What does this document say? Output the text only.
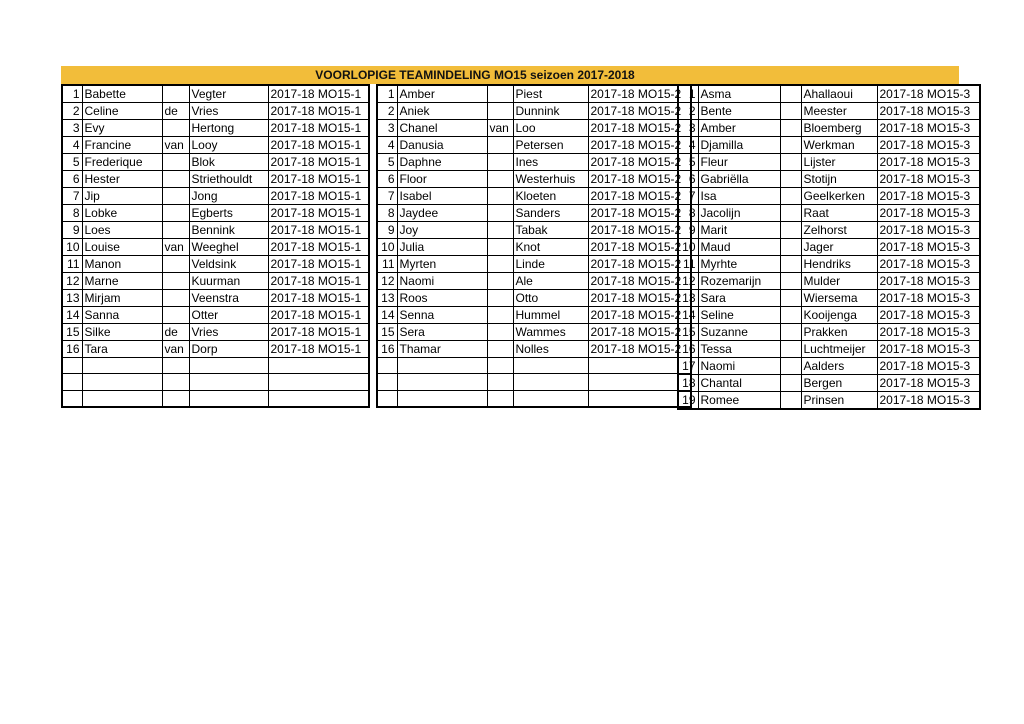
VOORLOPIGE TEAMINDELING MO15 seizoen 2017-2018
1	Babette		Vegter	2017-18 MO15-1
2	Celine	de	Vries	2017-18 MO15-1
3	Evy		Hertong	2017-18 MO15-1
4	Francine	van	Looy	2017-18 MO15-1
5	Frederique		Blok	2017-18 MO15-1
6	Hester		Striethouldt	2017-18 MO15-1
7	Jip		Jong	2017-18 MO15-1
8	Lobke		Egberts	2017-18 MO15-1
9	Loes		Bennink	2017-18 MO15-1
10	Louise	van	Weeghel	2017-18 MO15-1
11	Manon		Veldsink	2017-18 MO15-1
12	Marne		Kuurman	2017-18 MO15-1
13	Mirjam		Veenstra	2017-18 MO15-1
14	Sanna		Otter	2017-18 MO15-1
15	Silke	de	Vries	2017-18 MO15-1
16	Tara	van	Dorp	2017-18 MO15-1

1	Amber		Piest	2017-18 MO15-2
2	Aniek		Dunnink	2017-18 MO15-2
3	Chanel	van	Loo	2017-18 MO15-2
4	Danusia		Petersen	2017-18 MO15-2
5	Daphne		Ines	2017-18 MO15-2
6	Floor		Westerhuis	2017-18 MO15-2
7	Isabel		Kloeten	2017-18 MO15-2
8	Jaydee		Sanders	2017-18 MO15-2
9	Joy		Tabak	2017-18 MO15-2
10	Julia		Knot	2017-18 MO15-2
11	Myrten		Linde	2017-18 MO15-2
12	Naomi		Ale	2017-18 MO15-2
13	Roos		Otto	2017-18 MO15-2
14	Senna		Hummel	2017-18 MO15-2
15	Sera		Wammes	2017-18 MO15-2
16	Thamar		Nolles	2017-18 MO15-2

1	Asma		Ahallaoui	2017-18 MO15-3
2	Bente		Meester	2017-18 MO15-3
3	Amber		Bloemberg	2017-18 MO15-3
4	Djamilla		Werkman	2017-18 MO15-3
5	Fleur		Lijster	2017-18 MO15-3
6	Gabriëlla		Stotijn	2017-18 MO15-3
7	Isa		Geelkerken	2017-18 MO15-3
8	Jacolijn		Raat	2017-18 MO15-3
9	Marit		Zelhorst	2017-18 MO15-3
10	Maud		Jager	2017-18 MO15-3
11	Myrhte		Hendriks	2017-18 MO15-3
12	Rozemarijn		Mulder	2017-18 MO15-3
13	Sara		Wiersema	2017-18 MO15-3
14	Seline		Kooijenga	2017-18 MO15-3
15	Suzanne		Prakken	2017-18 MO15-3
16	Tessa		Luchtmeijer	2017-18 MO15-3
17	Naomi		Aalders	2017-18 MO15-3
18	Chantal		Bergen	2017-18 MO15-3
19	Romee		Prinsen	2017-18 MO15-3
